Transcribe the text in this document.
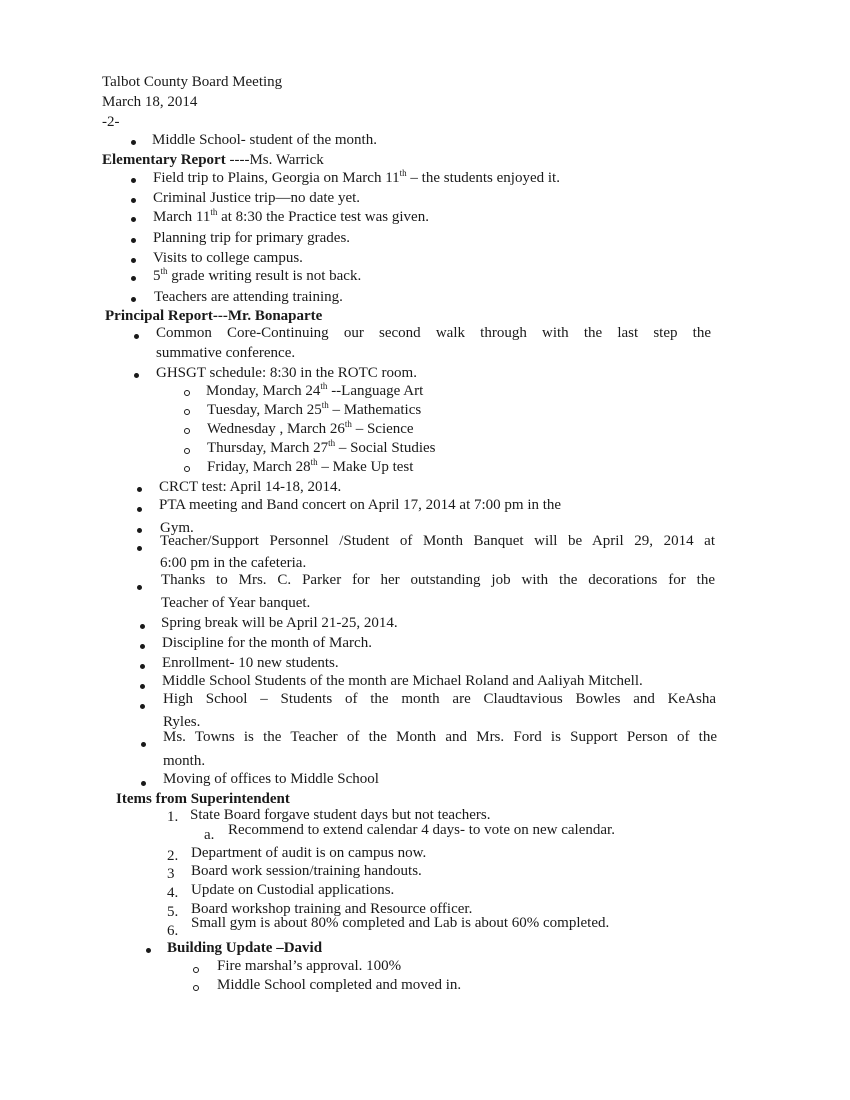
Talbot County Board Meeting
March 18, 2014
-2-
Middle School- student of the month.
Elementary Report ----Ms. Warrick
Field trip to Plains, Georgia on March 11th – the students enjoyed it.
Criminal Justice trip—no date yet.
March 11th at 8:30 the Practice test was given.
Planning trip for primary grades.
Visits to college campus.
5th grade writing result is not back.
Teachers are attending training.
Principal Report---Mr. Bonaparte
Common Core-Continuing our second walk through with the last step the
summative conference.
GHSGT schedule: 8:30 in the ROTC room.
Monday, March 24th --Language Art
Tuesday, March 25th – Mathematics
Wednesday , March 26th – Science
Thursday, March 27th – Social Studies
Friday, March 28th – Make Up test
CRCT test: April 14-18, 2014.
PTA meeting and Band concert on April 17, 2014 at 7:00 pm in the
Gym.
Teacher/Support Personnel /Student of Month Banquet will be April 29, 2014 at
6:00 pm in the cafeteria.
Thanks to Mrs. C. Parker for her outstanding job with the decorations for the
Teacher of Year banquet.
Spring break will be April 21-25, 2014.
Discipline for the month of March.
Enrollment- 10 new students.
Middle School Students of the month are Michael Roland and Aaliyah Mitchell.
High School – Students of the month are Claudtavious Bowles and KeAsha
Ryles.
Ms. Towns is the Teacher of the Month and Mrs. Ford is Support Person of the
month.
Moving of offices to Middle School
Items from Superintendent
1. State Board forgave student days but not teachers.
a. Recommend to extend calendar 4 days- to vote on new calendar.
2. Department of audit is on campus now.
3 Board work session/training handouts.
4. Update on Custodial applications.
5. Board workshop training and Resource officer.
6. Small gym is about 80% completed and Lab is about 60% completed.
Building Update –David
Fire marshal’s approval. 100%
Middle School completed and moved in.
